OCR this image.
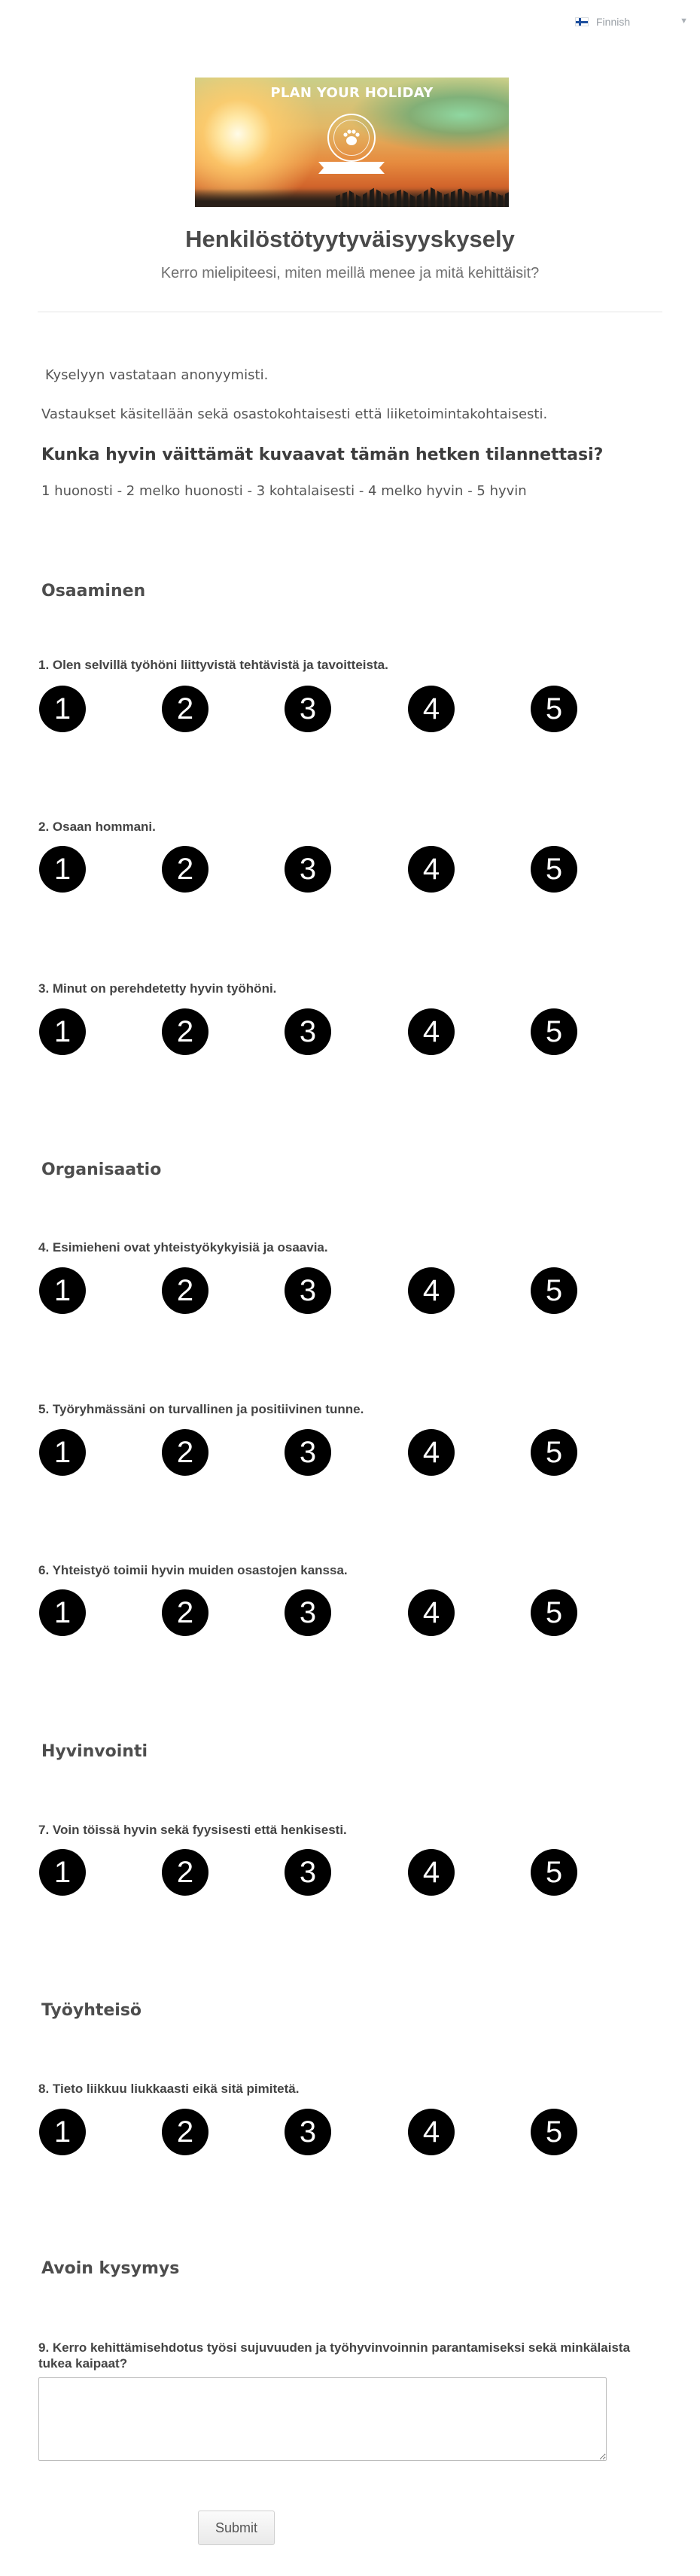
Finnish	▼
PLAN YOUR HOLIDAY
Henkilöstötyytyväisyyskysely
Kerro mielipiteesi, miten meillä menee ja mitä kehittäisit?
Kyselyyn vastataan anonyymisti.
Vastaukset käsitellään sekä osastokohtaisesti että liiketoimintakohtaisesti.
Kunka hyvin väittämät kuvaavat tämän hetken tilannettasi?
1 huonosti - 2 melko huonosti - 3 kohtalaisesti - 4 melko hyvin - 5 hyvin
Osaaminen
Organisaatio
Hyvinvointi
Työyhteisö
Avoin kysymys
1. Olen selvillä työhöni liittyvistä tehtävistä ja tavoitteista.
1	2	3	4	5
2. Osaan hommani.
1	2	3	4	5
3. Minut on perehdetetty hyvin työhöni.
1	2	3	4	5
4. Esimieheni ovat yhteistyökykyisiä ja osaavia.
1	2	3	4	5
5. Työryhmässäni on turvallinen ja positiivinen tunne.
1	2	3	4	5
6. Yhteistyö toimii hyvin muiden osastojen kanssa.
1	2	3	4	5
7. Voin töissä hyvin sekä fyysisesti että henkisesti.
1	2	3	4	5
8. Tieto liikkuu liukkaasti eikä sitä pimitetä.
1	2	3	4	5
9. Kerro kehittämisehdotus työsi sujuvuuden ja työhyvinvoinnin parantamiseksi sekä minkälaista tukea kaipaat?
Submit
